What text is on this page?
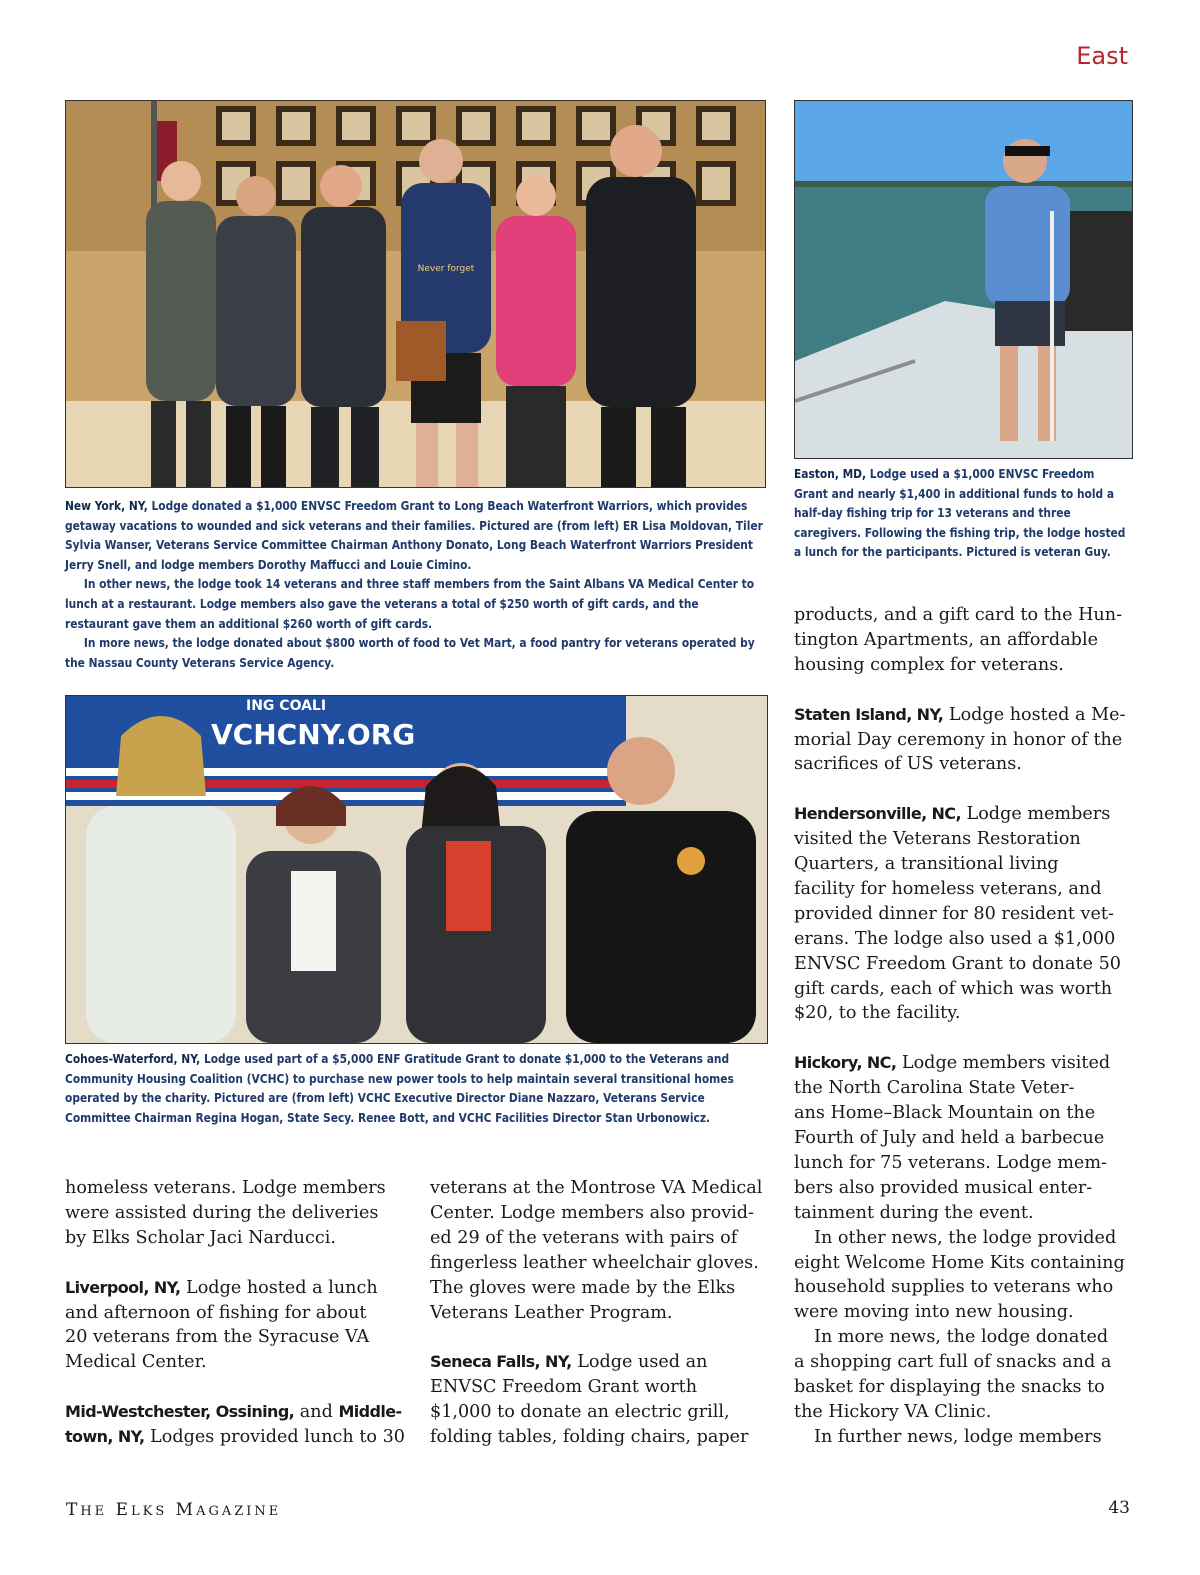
East
Never forget

New York, NY, Lodge donated a $1,000 ENVSC Freedom Grant to Long Beach Waterfront Warriors, which provides getaway vacations to wounded and sick veterans and their families. Pictured are (from left) ER Lisa Moldovan, Tiler Sylvia Wanser, Veterans Service Committee Chairman Anthony Donato, Long Beach Waterfront Warriors President Jerry Snell, and lodge members Dorothy Maffucci and Louie Cimino.

In other news, the lodge took 14 veterans and three staff members from the Saint Albans VA Medical Center to lunch at a restaurant. Lodge members also gave the veterans a total of $250 worth of gift cards, and the restaurant gave them an additional $260 worth of gift cards.

In more news, the lodge donated about $800 worth of food to Vet Mart, a food pantry for veterans operated by the Nassau County Veterans Service Agency.

Easton, MD, Lodge used a $1,000 ENVSC Freedom Grant and nearly $1,400 in additional funds to hold a half-day fishing trip for 13 veterans and three caregivers. Following the fishing trip, the lodge hosted a lunch for the participants. Pictured is veteran Guy.

VCHCNY.ORG
ING COALI

Cohoes-Waterford, NY, Lodge used part of a $5,000 ENF Gratitude Grant to donate $1,000 to the Veterans and Community Housing Coalition (VCHC) to purchase new power tools to help maintain several transitional homes operated by the charity. Pictured are (from left) VCHC Executive Director Diane Nazzaro, Veterans Service Committee Chairman Regina Hogan, State Secy. Renee Bott, and VCHC Facilities Director Stan Urbonowicz.

homeless veterans. Lodge members

were assisted during the deliveries

by Elks Scholar Jaci Narducci.

Liverpool, NY, Lodge hosted a lunch

and afternoon of fishing for about

20 veterans from the Syracuse VA

Medical Center.

Mid-Westchester, Ossining, and Middle-

town, NY, Lodges provided lunch to 30

veterans at the Montrose VA Medical

Center. Lodge members also provid-

ed 29 of the veterans with pairs of

fingerless leather wheelchair gloves.

The gloves were made by the Elks

Veterans Leather Program.

Seneca Falls, NY, Lodge used an

ENVSC Freedom Grant worth

$1,000 to donate an electric grill,

folding tables, folding chairs, paper

products, and a gift card to the Hun-

tington Apartments, an affordable

housing complex for veterans.

Staten Island, NY, Lodge hosted a Me-

morial Day ceremony in honor of the

sacrifices of US veterans.

Hendersonville, NC, Lodge members

visited the Veterans Restoration

Quarters, a transitional living

facility for homeless veterans, and

provided dinner for 80 resident vet-

erans. The lodge also used a $1,000

ENVSC Freedom Grant to donate 50

gift cards, each of which was worth

$20, to the facility.

Hickory, NC, Lodge members visited

the North Carolina State Veter-

ans Home–Black Mountain on the

Fourth of July and held a barbecue

lunch for 75 veterans. Lodge mem-

bers also provided musical enter-

tainment during the event.

In other news, the lodge provided

eight Welcome Home Kits containing

household supplies to veterans who

were moving into new housing.

In more news, the lodge donated

a shopping cart full of snacks and a

basket for displaying the snacks to

the Hickory VA Clinic.

In further news, lodge members

THE ELKS MAGAZINE	43
